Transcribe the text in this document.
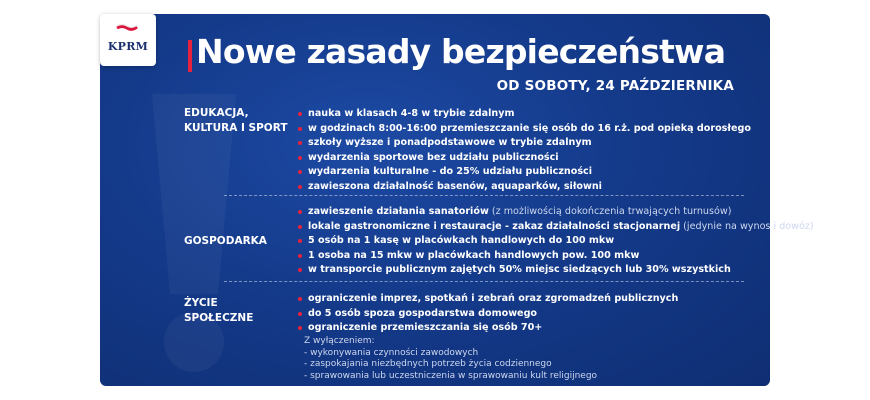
Nowe zasady bezpieczeństwa
OD SOBOTY, 24 PAŹDZIERNIKA
EDUKACJA,
KULTURA I SPORT
nauka w klasach 4-8 w trybie zdalnym
w godzinach 8:00-16:00 przemieszczanie się osób do 16 r.ż. pod opieką dorosłego
szkoły wyższe i ponadpodstawowe w trybie zdalnym
wydarzenia sportowe bez udziału publiczności
wydarzenia kulturalne - do 25% udziału publiczności
zawieszona działalność basenów, aquaparków, siłowni
GOSPODARKA
zawieszenie działania sanatoriów (z możliwością dokończenia trwających turnusów)
lokale gastronomiczne i restauracje - zakaz działalności stacjonarnej (jedynie na wynos i dowóz)
5 osób na 1 kasę w placówkach handlowych do 100 mkw
1 osoba na 15 mkw w placówkach handlowych pow. 100 mkw
w transporcie publicznym zajętych 50% miejsc siedzących lub 30% wszystkich
ŻYCIE
SPOŁECZNE
ograniczenie imprez, spotkań i zebrań oraz zgromadzeń publicznych
do 5 osób spoza gospodarstwa domowego
ograniczenie przemieszczania się osób 70+
Z wyłączeniem:
- wykonywania czynności zawodowych
- zaspokajania niezbędnych potrzeb życia codziennego
- sprawowania lub uczestniczenia w sprawowaniu kult religijnego
KPRM
